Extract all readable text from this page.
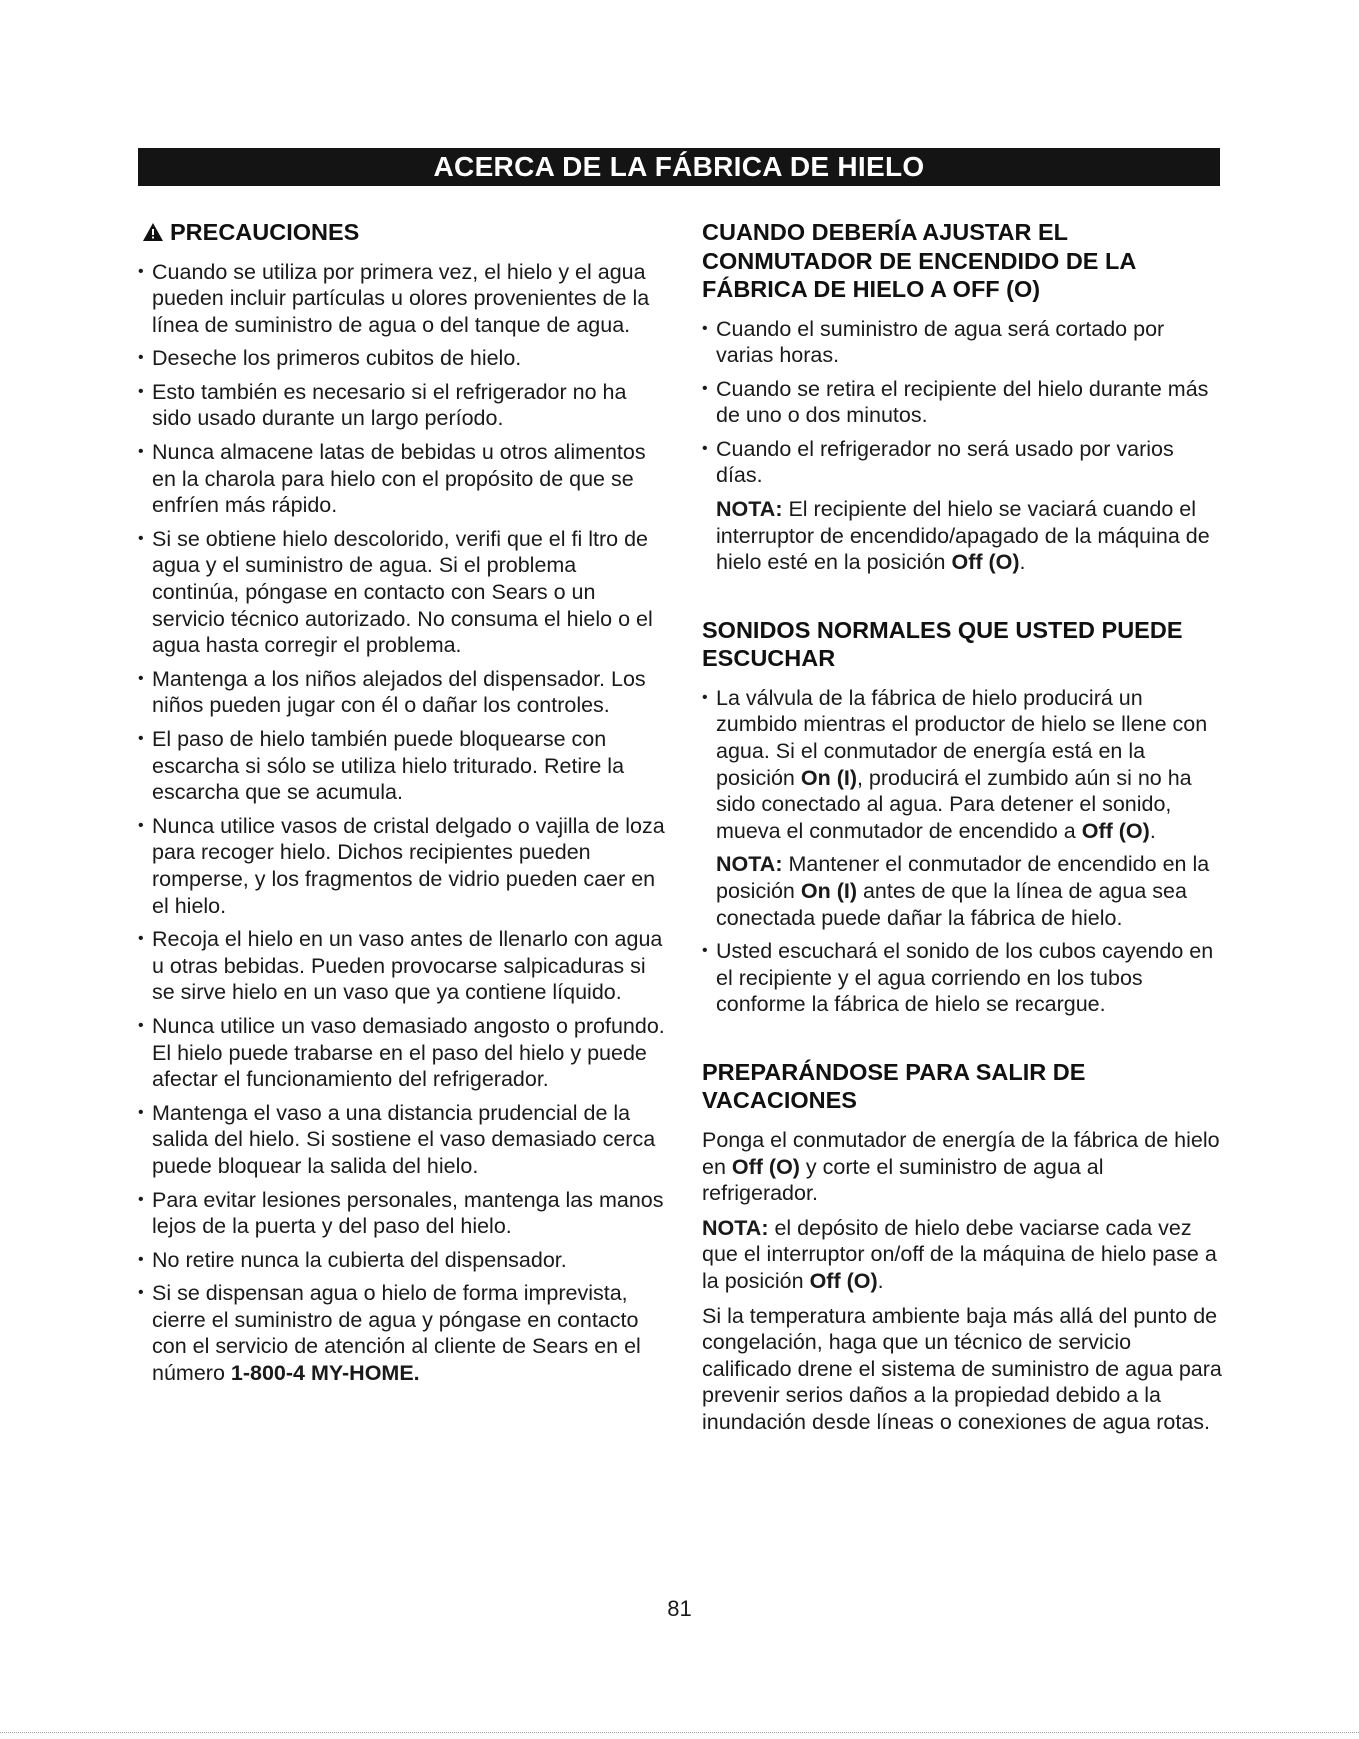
ACERCA DE LA FÁBRICA DE HIELO
PRECAUCIONES
• Cuando se utiliza por primera vez, el hielo y el agua pueden incluir partículas u olores provenientes de la línea de suministro de agua o del tanque de agua.
• Deseche los primeros cubitos de hielo.
• Esto también es necesario si el refrigerador no ha sido usado durante un largo período.
• Nunca almacene latas de bebidas u otros alimentos en la charola para hielo con el propósito de que se enfríen más rápido.
• Si se obtiene hielo descolorido, verifi que el fi ltro de agua y el suministro de agua. Si el problema continúa, póngase en contacto con Sears o un servicio técnico autorizado. No consuma el hielo o el agua hasta corregir el problema.
• Mantenga a los niños alejados del dispensador. Los niños pueden jugar con él o dañar los controles.
• El paso de hielo también puede bloquearse con escarcha si sólo se utiliza hielo triturado. Retire la escarcha que se acumula.
• Nunca utilice vasos de cristal delgado o vajilla de loza para recoger hielo. Dichos recipientes pueden romperse, y los fragmentos de vidrio pueden caer en el hielo.
• Recoja el hielo en un vaso antes de llenarlo con agua u otras bebidas. Pueden provocarse salpicaduras si se sirve hielo en un vaso que ya contiene líquido.
• Nunca utilice un vaso demasiado angosto o profundo. El hielo puede trabarse en el paso del hielo y puede afectar el funcionamiento del refrigerador.
• Mantenga el vaso a una distancia prudencial de la salida del hielo. Si sostiene el vaso demasiado cerca puede bloquear la salida del hielo.
• Para evitar lesiones personales, mantenga las manos lejos de la puerta y del paso del hielo.
• No retire nunca la cubierta del dispensador.
• Si se dispensan agua o hielo de forma imprevista, cierre el suministro de agua y póngase en contacto con el servicio de atención al cliente de Sears en el número 1-800-4 MY-HOME.
CUANDO DEBERÍA AJUSTAR EL CONMUTADOR DE ENCENDIDO DE LA FÁBRICA DE HIELO A OFF (O)
• Cuando el suministro de agua será cortado por varias horas.
• Cuando se retira el recipiente del hielo durante más de uno o dos minutos.
• Cuando el refrigerador no será usado por varios días.

NOTA: El recipiente del hielo se vaciará cuando el interruptor de encendido/apagado de la máquina de hielo esté en la posición Off (O).

SONIDOS NORMALES QUE USTED PUEDE ESCUCHAR
• La válvula de la fábrica de hielo producirá un zumbido mientras el productor de hielo se llene con agua. Si el conmutador de energía está en la posición On (I), producirá el zumbido aún si no ha sido conectado al agua. Para detener el sonido, mueva el conmutador de encendido a Off (O).

NOTA: Mantener el conmutador de encendido en la posición On (I) antes de que la línea de agua sea conectada puede dañar la fábrica de hielo.

• Usted escuchará el sonido de los cubos cayendo en el recipiente y el agua corriendo en los tubos conforme la fábrica de hielo se recargue.
PREPARÁNDOSE PARA SALIR DE VACACIONES

Ponga el conmutador de energía de la fábrica de hielo en Off (O) y corte el suministro de agua al refrigerador.

NOTA: el depósito de hielo debe vaciarse cada vez que el interruptor on/off de la máquina de hielo pase a la posición Off (O).

Si la temperatura ambiente baja más allá del punto de congelación, haga que un técnico de servicio calificado drene el sistema de suministro de agua para prevenir serios daños a la propiedad debido a la inundación desde líneas o conexiones de agua rotas.

81
